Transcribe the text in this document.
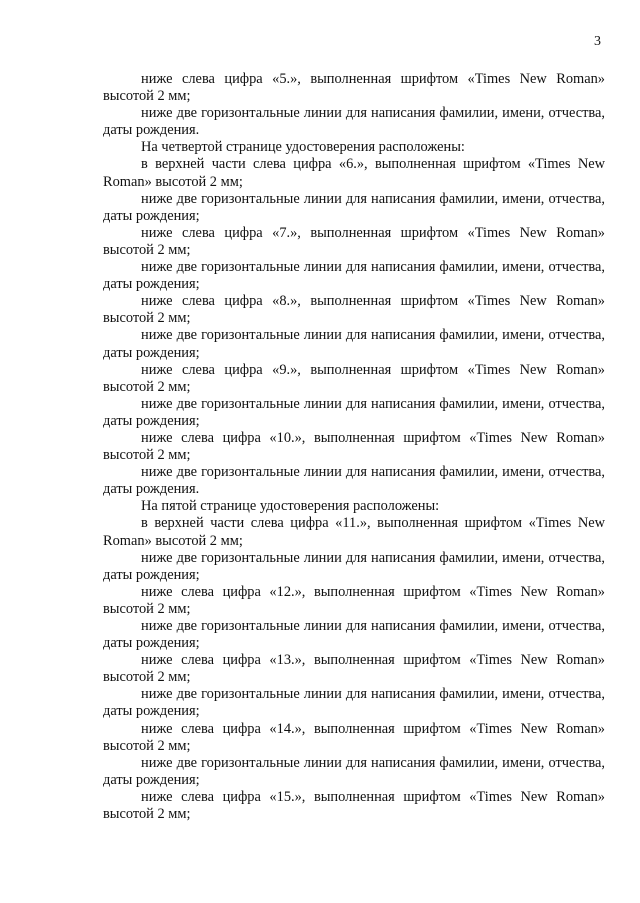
3

ниже слева цифра «5.», выполненная шрифтом «Times New Roman» высотой 2 мм;

ниже две горизонтальные линии для написания фамилии, имени, отчества, даты рождения.

На четвертой странице удостоверения расположены:

в верхней части слева цифра «6.», выполненная шрифтом «Times New Roman» высотой 2 мм;

ниже две горизонтальные линии для написания фамилии, имени, отчества, даты рождения;

ниже слева цифра «7.», выполненная шрифтом «Times New Roman» высотой 2 мм;

ниже две горизонтальные линии для написания фамилии, имени, отчества, даты рождения;

ниже слева цифра «8.», выполненная шрифтом «Times New Roman» высотой 2 мм;

ниже две горизонтальные линии для написания фамилии, имени, отчества, даты рождения;

ниже слева цифра «9.», выполненная шрифтом «Times New Roman» высотой 2 мм;

ниже две горизонтальные линии для написания фамилии, имени, отчества, даты рождения;

ниже слева цифра «10.», выполненная шрифтом «Times New Roman» высотой 2 мм;

ниже две горизонтальные линии для написания фамилии, имени, отчества, даты рождения.

На пятой странице удостоверения расположены:

в верхней части слева цифра «11.», выполненная шрифтом «Times New Roman» высотой 2 мм;

ниже две горизонтальные линии для написания фамилии, имени, отчества, даты рождения;

ниже слева цифра «12.», выполненная шрифтом «Times New Roman» высотой 2 мм;

ниже две горизонтальные линии для написания фамилии, имени, отчества, даты рождения;

ниже слева цифра «13.», выполненная шрифтом «Times New Roman» высотой 2 мм;

ниже две горизонтальные линии для написания фамилии, имени, отчества, даты рождения;

ниже слева цифра «14.», выполненная шрифтом «Times New Roman» высотой 2 мм;

ниже две горизонтальные линии для написания фамилии, имени, отчества, даты рождения;

ниже слева цифра «15.», выполненная шрифтом «Times New Roman» высотой 2 мм;
